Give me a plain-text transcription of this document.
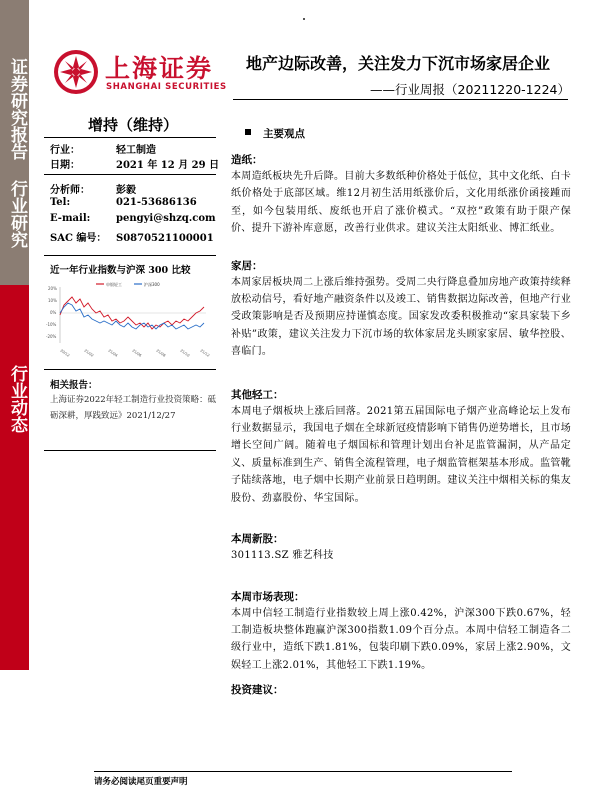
证券研究报告 行业研究
行业动态
上海证券
SHANGHAI SECURITIES
地产边际改善，关注发力下沉市场家居企业
——行业周报（20211220-1224）
增持（维持）
行业：	轻工制造
日期：	2021 年 12 月 29 日
分析师：	彭毅
Tel:	021-53686136
E-mail:	pengyi@shzq.com
SAC 编号： S0870521100001
近一年行业指数与沪深 300 比较
20%
10%
0%
-10%
-20%
申银轻工	沪深300
20/12	21/02	21/04	21/06	21/08	21/10	21/12
相关报告：
上海证券2022年轻工制造行业投资策略：砥砺深耕，厚践致远》2021/12/27
主要观点
造纸：
本周造纸板块先升后降。目前大多数纸种价格处于低位，其中文化纸、白卡纸价格处于底部区域。维12月初生活用纸涨价后，文化用纸涨价函接踵而至，如今包装用纸、废纸也开启了涨价模式。“双控”政策有助于限产保价、提升下游补库意愿，改善行业供求。建议关注太阳纸业、博汇纸业。
家居：
本周家居板块周二上涨后维持强势。受周二央行降息叠加房地产政策持续释放松动信号，看好地产融资条件以及竣工、销售数据边际改善，但地产行业受政策影响是否及预期应持谨慎态度。国家发改委积极推动“家具家装下乡补贴”政策，建议关注发力下沉市场的软体家居龙头顾家家居、敏华控股、喜临门。
其他轻工：
本周电子烟板块上涨后回落。2021第五届国际电子烟产业高峰论坛上发布行业数据显示，我国电子烟在全球新冠疫情影响下销售仍逆势增长，且市场增长空间广阔。随着电子烟国标和管理计划出台补足监管漏洞，从产品定义、质量标准到生产、销售全流程管理，电子烟监管框架基本形成。监管靴子陆续落地，电子烟中长期产业前景日趋明朗。建议关注中烟相关标的集友股份、劲嘉股份、华宝国际。
本周新股：
301113.SZ 雅艺科技
本周市场表现：
本周中信轻工制造行业指数较上周上涨0.42%，沪深300下跌0.67%，轻工制造板块整体跑赢沪深300指数1.09个百分点。本周中信轻工制造各二级行业中，造纸下跌1.81%，包装印刷下跌0.09%，家居上涨2.90%，文娱轻工上涨2.01%，其他轻工下跌1.19%。
投资建议：
请务必阅读尾页重要声明
